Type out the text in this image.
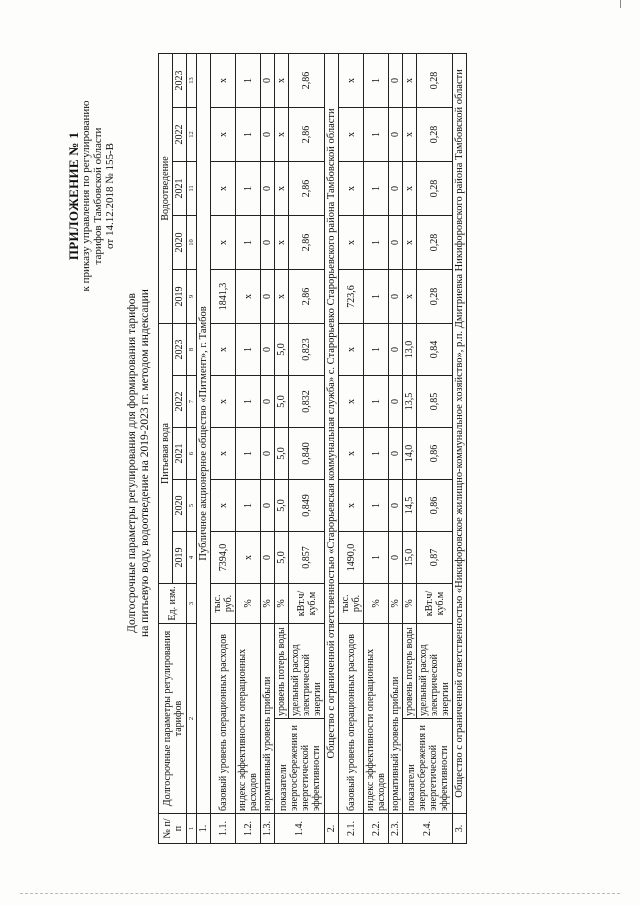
ПРИЛОЖЕНИЕ № 1 к приказу управления по регулированию тарифов Тамбовской области от 14.12.2018 № 155-В
Долгосрочные параметры регулирования для формирования тарифов на питьевую воду, водоотведение на 2019-2023 гг. методом индексации
№ п/п	Долгосрочные параметры регулирования тарифов		Ед. изм.	Питьевая вода					Водоотведение				
				2019	2020	2021	2022	2023	2019	2020	2021	2022	2023
1	2		3	4	5	6	7	8	9	10	11	12	13
1.	Публичное акционерное общество «Питмент», г. Тамбов												
1.1.	базовый уровень операционных расходов		тыс. руб.	7394,0	x	x	x	x	1841,3	x	x	x	x
1.2.	индекс эффективности операционных расходов		%	x	1	1	1	1	x	1	1	1	1
1.3.	нормативный уровень прибыли		%	0	0	0	0	0	0	0	0	0	0
1.4.	показатели энергосбережения и энергетической эффективности	уровень потерь воды	%	5,0	5,0	5,0	5,0	5,0	x	x	x	x	x
		удельный расход электрической энергии	кВт.ч/ куб.м	0,857	0,849	0,840	0,832	0,823	2,86	2,86	2,86	2,86	2,86
2.	Общество с ограниченной ответственностью «Старорьевская коммунальная служба» с. Старорьевко Старорьевского района Тамбовской области												
2.1.	базовый уровень операционных расходов		тыс. руб.	1490,0	x	x	x	x	723,6	x	x	x	x
2.2.	индекс эффективности операционных расходов		%	1	1	1	1	1	1	1	1	1	1
2.3.	нормативный уровень прибыли		%	0	0	0	0	0	0	0	0	0	0
2.4.	показатели энергосбережения и энергетической эффективности	уровень потерь воды	%	15,0	14,5	14,0	13,5	13,0	x	x	x	x	x
		удельный расход электрической энергии	кВт.ч/ куб.м	0,87	0,86	0,86	0,85	0,84	0,28	0,28	0,28	0,28	0,28
3.	Общество с ограниченной ответственностью «Никифоровское жилищно-коммунальное хозяйство», р.п. Дмитриевка Никифоровского района Тамбовской области												
